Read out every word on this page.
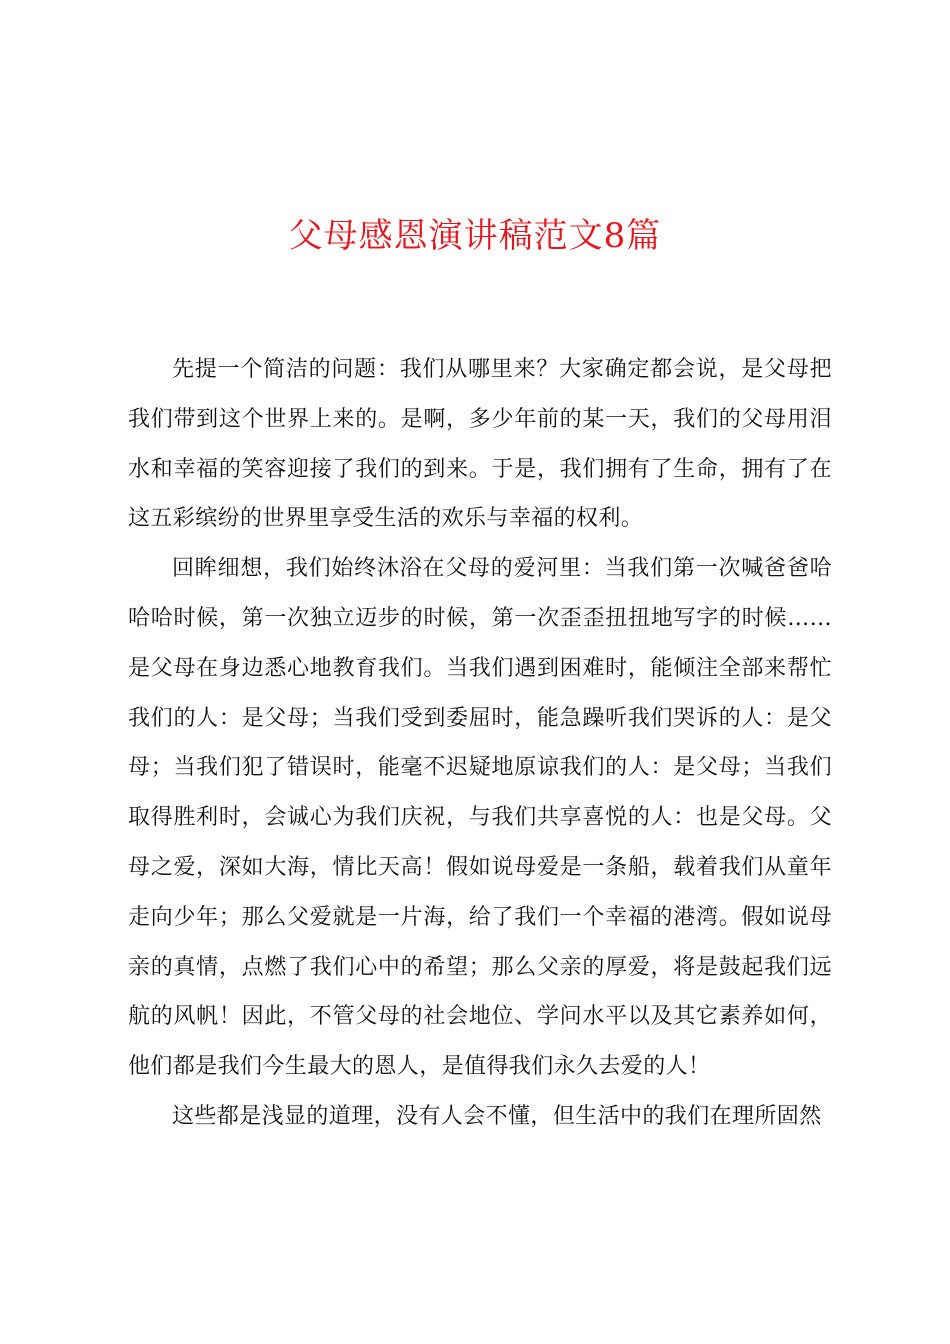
父母感恩演讲稿范文8篇

先提一个简洁的问题：我们从哪里来？大家确定都会说，是父母把我们带到这个世界上来的。是啊，多少年前的某一天，我们的父母用泪水和幸福的笑容迎接了我们的到来。于是，我们拥有了生命，拥有了在这五彩缤纷的世界里享受生活的欢乐与幸福的权利。

回眸细想，我们始终沐浴在父母的爱河里：当我们第一次喊爸爸哈哈哈时候，第一次独立迈步的时候，第一次歪歪扭扭地写字的时候……是父母在身边悉心地教育我们。当我们遇到困难时，能倾注全部来帮忙我们的人：是父母；当我们受到委屈时，能急躁听我们哭诉的人：是父母；当我们犯了错误时，能毫不迟疑地原谅我们的人：是父母；当我们取得胜利时，会诚心为我们庆祝，与我们共享喜悦的人：也是父母。父母之爱，深如大海，情比天高！假如说母爱是一条船，载着我们从童年走向少年；那么父爱就是一片海，给了我们一个幸福的港湾。假如说母亲的真情，点燃了我们心中的希望；那么父亲的厚爱，将是鼓起我们远航的风帆！因此，不管父母的社会地位、学问水平以及其它素养如何，他们都是我们今生最大的恩人，是值得我们永久去爱的人！

这些都是浅显的道理，没有人会不懂，但生活中的我们在理所固然
